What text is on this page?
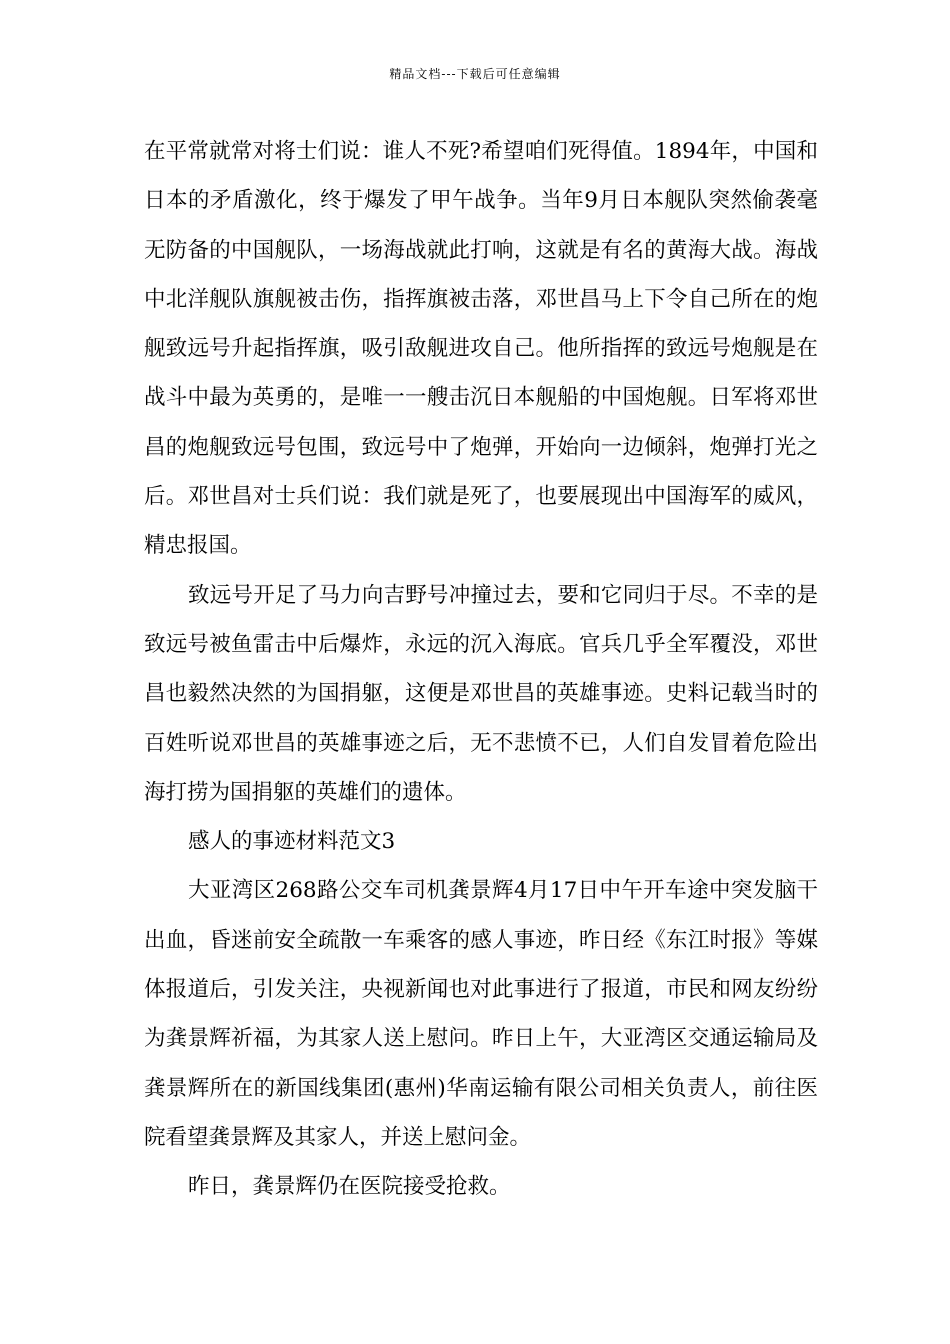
精品文档---下载后可任意编辑

在平常就常对将士们说：谁人不死?希望咱们死得值。1894年，中国和日本的矛盾激化，终于爆发了甲午战争。当年9月日本舰队突然偷袭毫无防备的中国舰队，一场海战就此打响，这就是有名的黄海大战。海战中北洋舰队旗舰被击伤，指挥旗被击落，邓世昌马上下令自己所在的炮舰致远号升起指挥旗，吸引敌舰进攻自己。他所指挥的致远号炮舰是在战斗中最为英勇的，是唯一一艘击沉日本舰船的中国炮舰。日军将邓世昌的炮舰致远号包围，致远号中了炮弹，开始向一边倾斜，炮弹打光之后。邓世昌对士兵们说：我们就是死了，也要展现出中国海军的威风，精忠报国。

致远号开足了马力向吉野号冲撞过去，要和它同归于尽。不幸的是致远号被鱼雷击中后爆炸，永远的沉入海底。官兵几乎全军覆没，邓世昌也毅然决然的为国捐躯，这便是邓世昌的英雄事迹。史料记载当时的百姓听说邓世昌的英雄事迹之后，无不悲愤不已，人们自发冒着危险出海打捞为国捐躯的英雄们的遗体。

感人的事迹材料范文3

大亚湾区268路公交车司机龚景辉4月17日中午开车途中突发脑干出血，昏迷前安全疏散一车乘客的感人事迹，昨日经《东江时报》等媒体报道后，引发关注，央视新闻也对此事进行了报道，市民和网友纷纷为龚景辉祈福，为其家人送上慰问。昨日上午，大亚湾区交通运输局及龚景辉所在的新国线集团(惠州)华南运输有限公司相关负责人，前往医院看望龚景辉及其家人，并送上慰问金。

昨日，龚景辉仍在医院接受抢救。
